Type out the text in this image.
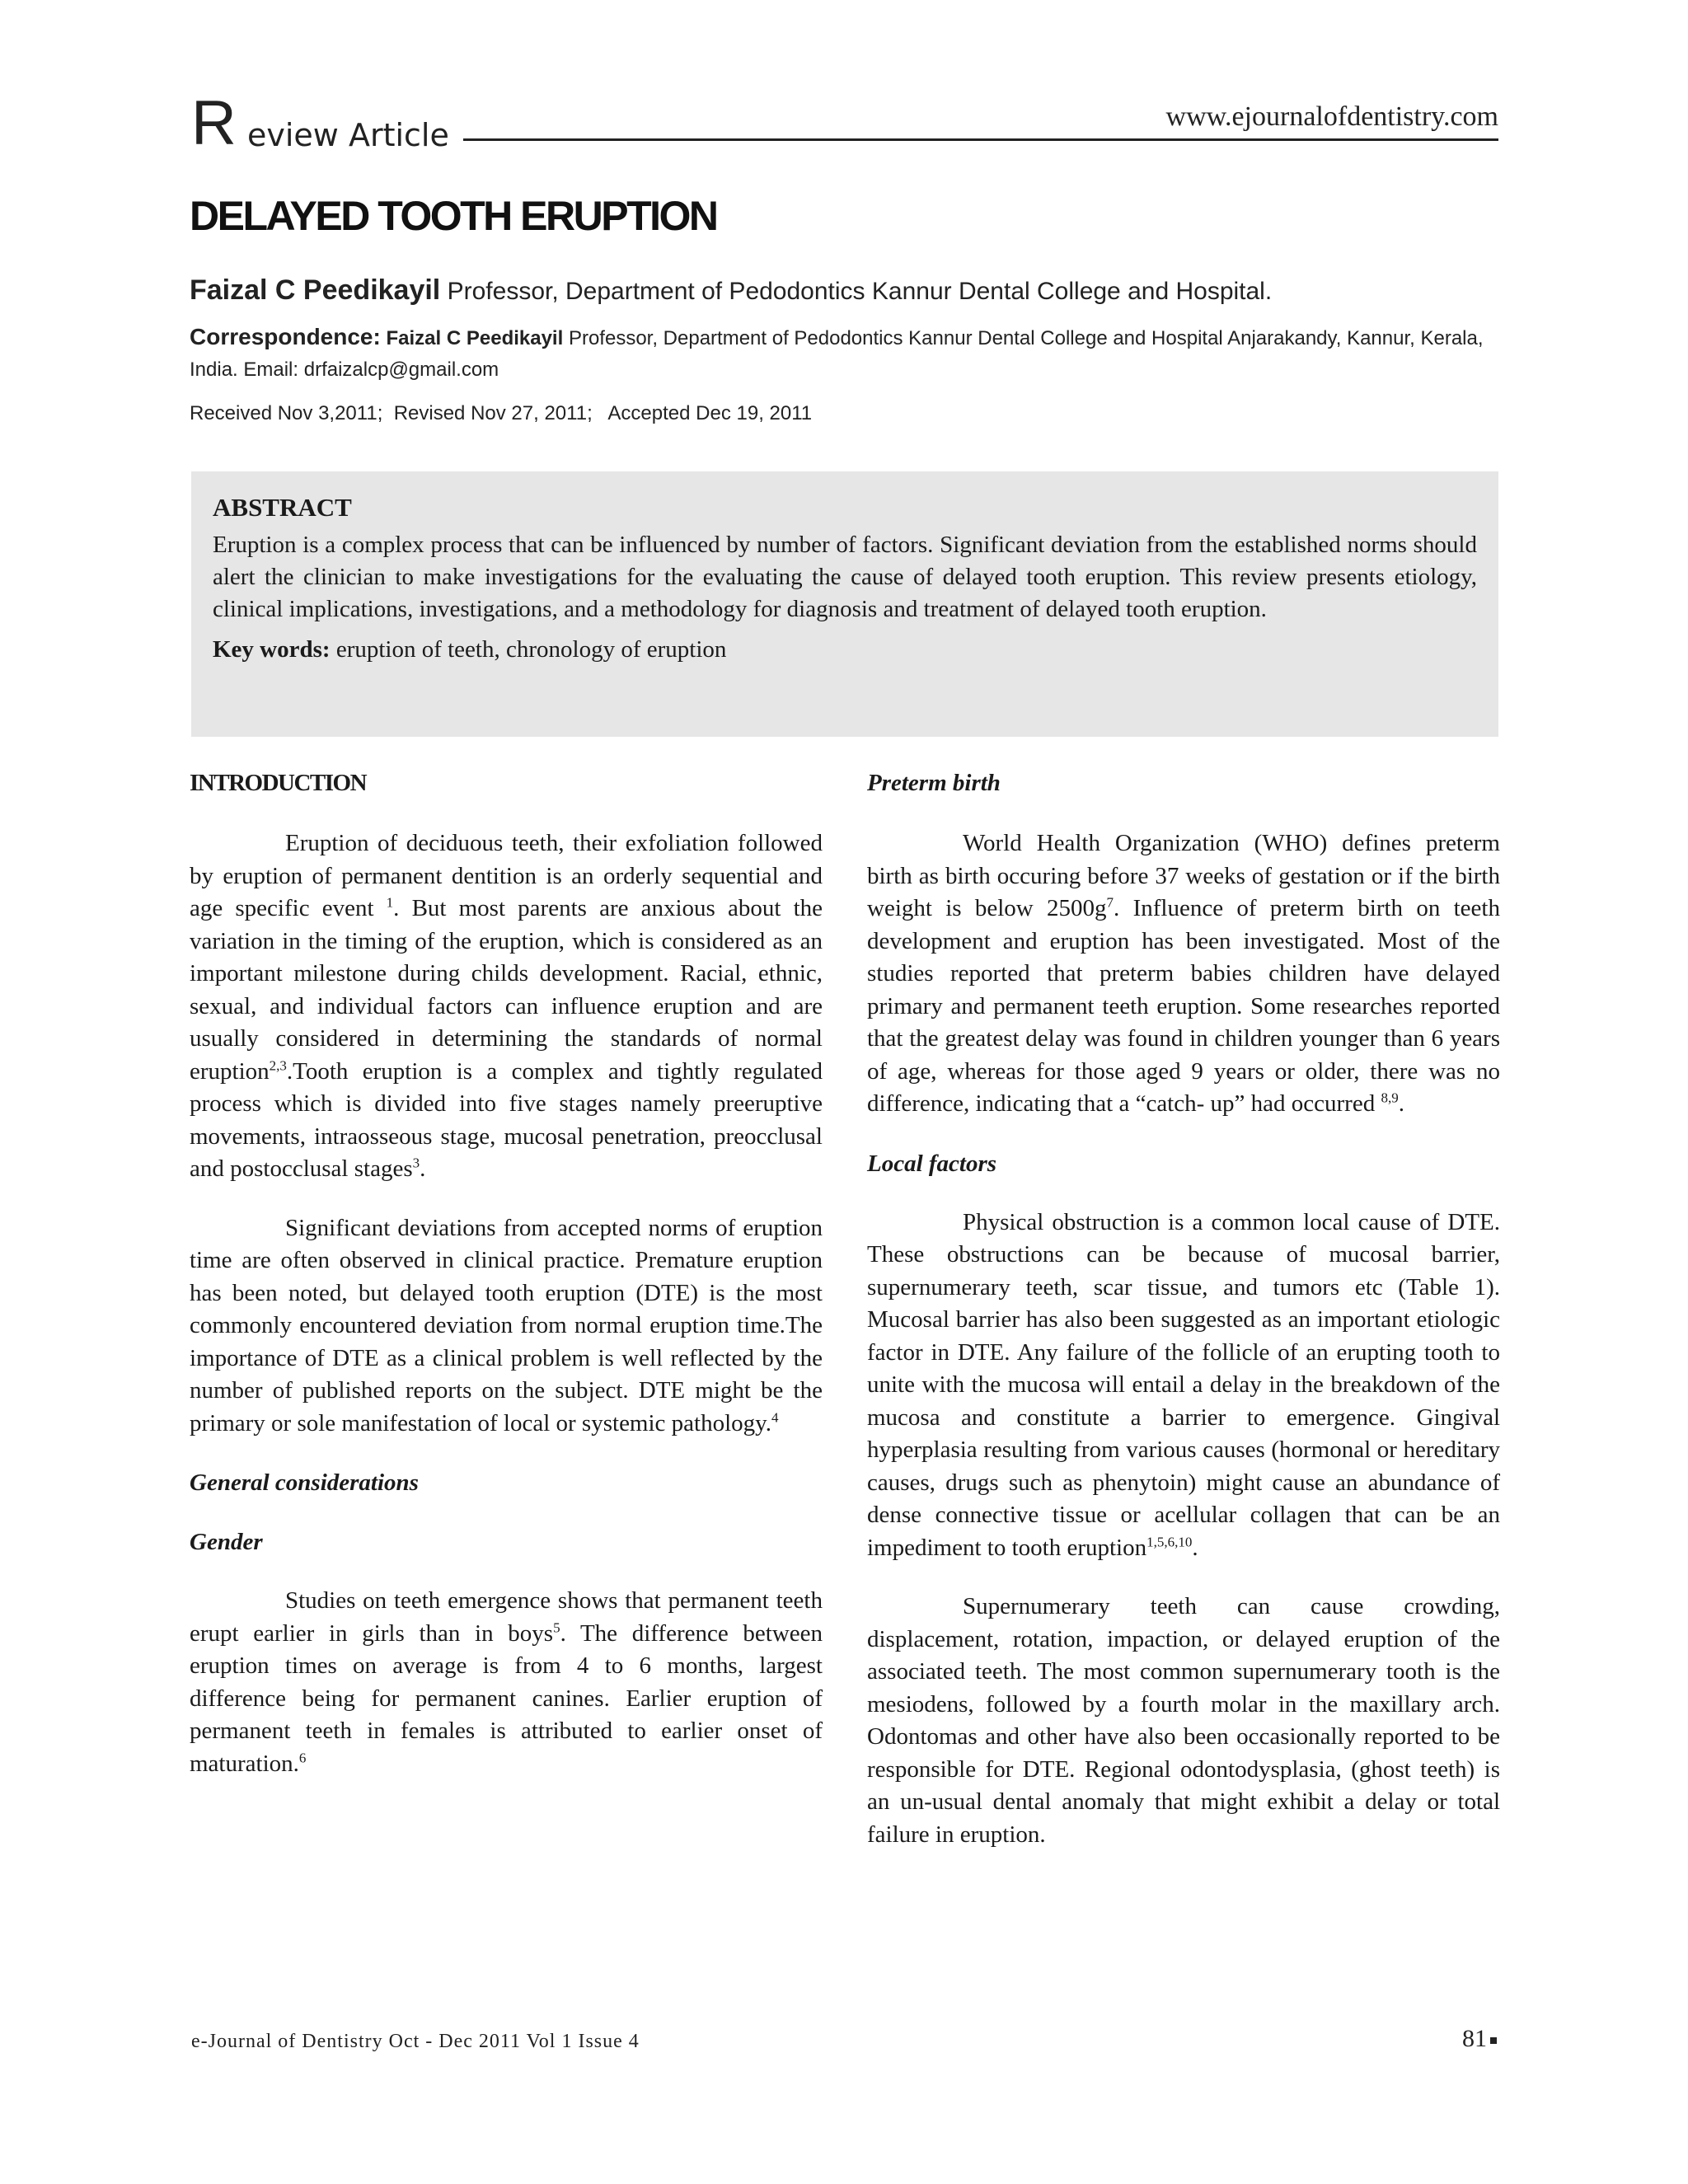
R eview Article
www.ejournalofdentistry.com
DELAYED TOOTH ERUPTION
Faizal C Peedikayil Professor, Department of Pedodontics Kannur Dental College and Hospital.
Correspondence: Faizal C Peedikayil Professor, Department of Pedodontics Kannur Dental College and Hospital Anjarakandy, Kannur, Kerala, India. Email: drfaizalcp@gmail.com
Received Nov 3,2011;  Revised Nov 27, 2011;   Accepted Dec 19, 2011

ABSTRACT

Eruption is a complex process that can be influenced by number of factors. Significant deviation from the established norms should alert the clinician to make investigations for the evaluating the cause of delayed tooth eruption. This review presents etiology, clinical implications, investigations, and a methodology for diagnosis and treatment of delayed tooth eruption.

Key words: eruption of teeth, chronology of eruption

INTRODUCTION

Eruption of deciduous teeth, their exfoliation followed by eruption of permanent dentition is an orderly sequential and age specific event $^1$. But most parents are anxious about the variation in the timing of the eruption, which is considered as an important milestone during childs development. Racial, ethnic, sexual, and individual factors can influence eruption and are usually considered in determining the standards of normal eruption$^{2,3}$.Tooth eruption is a complex and tightly regulated process which is divided into five stages namely preeruptive movements, intraosseous stage, mucosal penetration, preocclusal and postocclusal stages$^3$.

Significant deviations from accepted norms of eruption time are often observed in clinical practice. Premature eruption has been noted, but delayed tooth eruption (DTE) is the most commonly encountered deviation from normal eruption time.The importance of DTE as a clinical problem is well reflected by the number of published reports on the subject. DTE might be the primary or sole manifestation of local or systemic pathology.$^4$

General considerations

Gender

Studies on teeth emergence shows that permanent teeth erupt earlier in girls than in boys$^5$. The difference between eruption times on average is from 4 to 6 months, largest difference being for permanent canines. Earlier eruption of permanent teeth in females is attributed to earlier onset of maturation.$^6$

Preterm birth

World Health Organization (WHO) defines preterm birth as birth occuring before 37 weeks of gestation or if the birth weight is below $2500g^7$. Influence of preterm birth on teeth development and eruption has been investigated. Most of the studies reported that preterm babies children have delayed primary and permanent teeth eruption. Some researches reported that the greatest delay was found in children younger than 6 years of age, whereas for those aged 9 years or older, there was no difference, indicating that a “catch- up” had occurred $^{8,9}$.

Local factors

Physical obstruction is a common local cause of DTE. These obstructions can be because of mucosal barrier, supernumerary teeth, scar tissue, and tumors etc (Table 1). Mucosal barrier has also been suggested as an important etiologic factor in DTE. Any failure of the follicle of an erupting tooth to unite with the mucosa will entail a delay in the breakdown of the mucosa and constitute a barrier to emergence. Gingival hyperplasia resulting from various causes (hormonal or hereditary causes, drugs such as phenytoin) might cause an abundance of dense connective tissue or acellular collagen that can be an impediment to tooth eruption$^{1,5,6,10}$.

Supernumerary teeth can cause crowding, displacement, rotation, impaction, or delayed eruption of the associated teeth. The most common supernumerary tooth is the mesiodens, followed by a fourth molar in the maxillary arch. Odontomas and other have also been occasionally reported to be responsible for DTE. Regional odontodysplasia, (ghost teeth) is an un-usual dental anomaly that might exhibit a delay or total failure in eruption.

e-Journal of Dentistry Oct - Dec 2011 Vol 1 Issue 4	81
